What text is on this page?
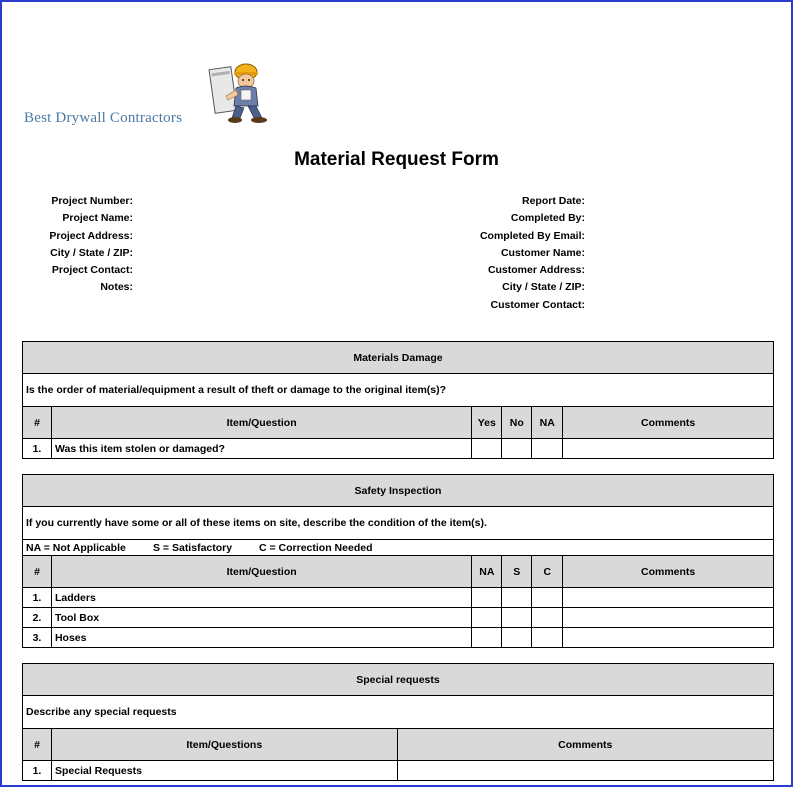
Best Drywall Contractors
Material Request Form
Project Number:
Project Name:
Project Address:
City / State / ZIP:
Project Contact:
Notes:
Report Date:
Completed By:
Completed By Email:
Customer Name:
Customer Address:
City / State / ZIP:
Customer Contact:
Materials Damage					
Is the order of material/equipment a result of theft or damage to the original item(s)?					
#	Item/Question	Yes	No	NA	Comments
1.	Was this item stolen or damaged?				
Safety Inspection					
If you currently have some or all of these items on site, describe the condition of the item(s).					
NA = Not Applicable S = Satisfactory C = Correction Needed					
#	Item/Question	NA	S	C	Comments
1.	Ladders				
2.	Tool Box				
3.	Hoses				
Special requests		
Describe any special requests		
#	Item/Questions	Comments
1.	Special Requests	
